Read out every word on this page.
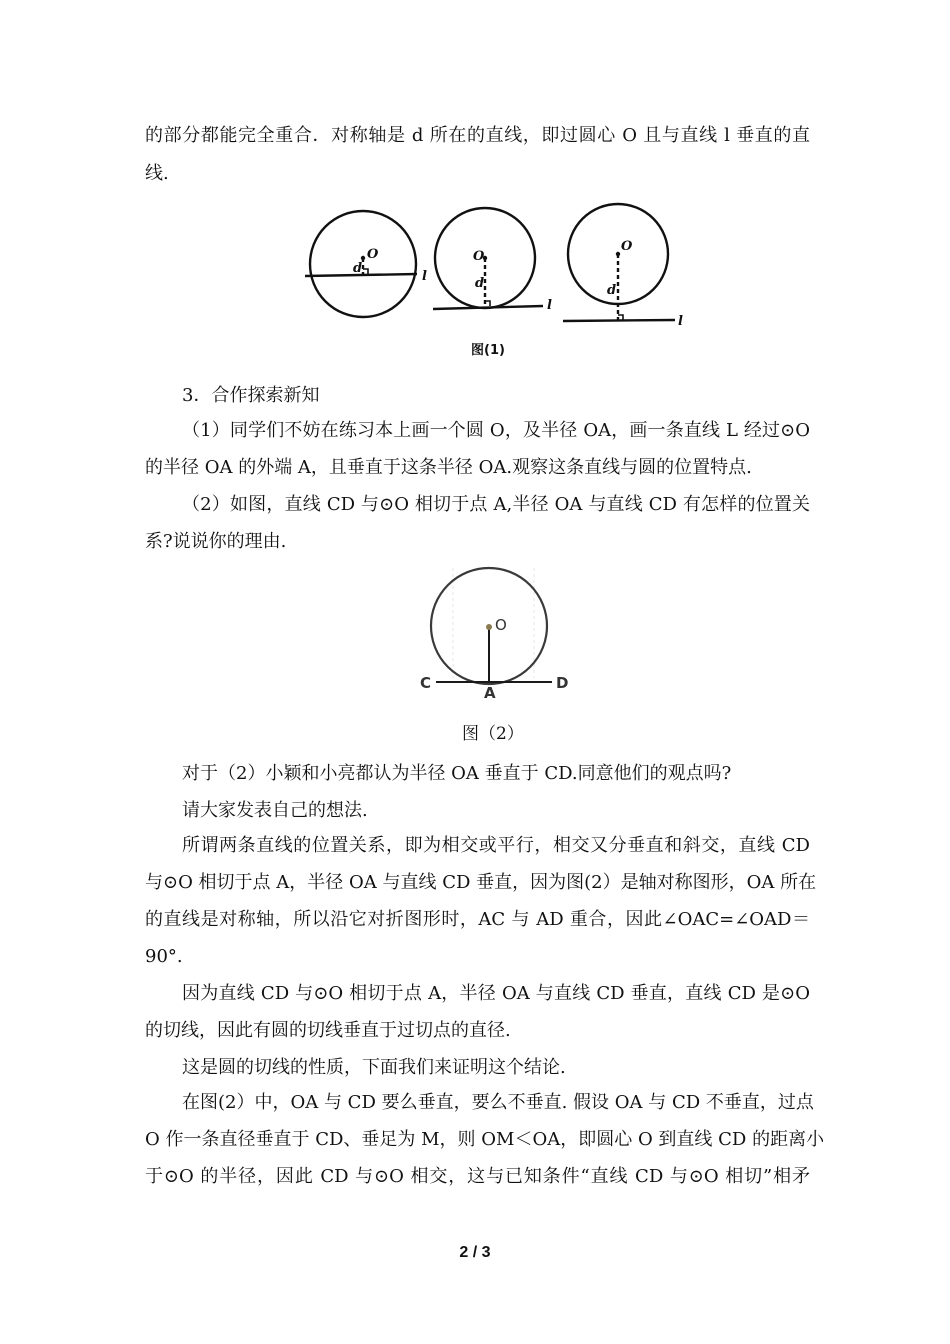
的部分都能完全重合．对称轴是 d 所在的直线，即过圆心 O 且与直线 l 垂直的直
线.
O
d
l
O
d
l
O
d
l
图(1)
3．合作探索新知
（1）同学们不妨在练习本上画一个圆 O，及半径 OA，画一条直线 L 经过⊙O
的半径 OA 的外端 A，且垂直于这条半径 OA.观察这条直线与圆的位置特点.
（2）如图，直线 CD 与⊙O 相切于点 A,半径 OA 与直线 CD 有怎样的位置关
系?说说你的理由.
O
C
A
D
图（2）
对于（2）小颖和小亮都认为半径 OA 垂直于 CD.同意他们的观点吗?
请大家发表自己的想法.
所谓两条直线的位置关系，即为相交或平行，相交又分垂直和斜交，直线 CD
与⊙O 相切于点 A，半径 OA 与直线 CD 垂直，因为图(2）是轴对称图形，OA 所在
的直线是对称轴，所以沿它对折图形时，AC 与 AD 重合，因此∠OAC=∠OAD＝
90°.
因为直线 CD 与⊙O 相切于点 A，半径 OA 与直线 CD 垂直，直线 CD 是⊙O
的切线，因此有圆的切线垂直于过切点的直径.
这是圆的切线的性质，下面我们来证明这个结论.
在图(2）中，OA 与 CD 要么垂直，要么不垂直. 假设 OA 与 CD 不垂直，过点
O 作一条直径垂直于 CD、垂足为 M，则 OM＜OA，即圆心 O 到直线 CD 的距离小
于⊙O 的半径，因此 CD 与⊙O 相交，这与已知条件“直线 CD 与⊙O 相切”相矛
2 / 3
